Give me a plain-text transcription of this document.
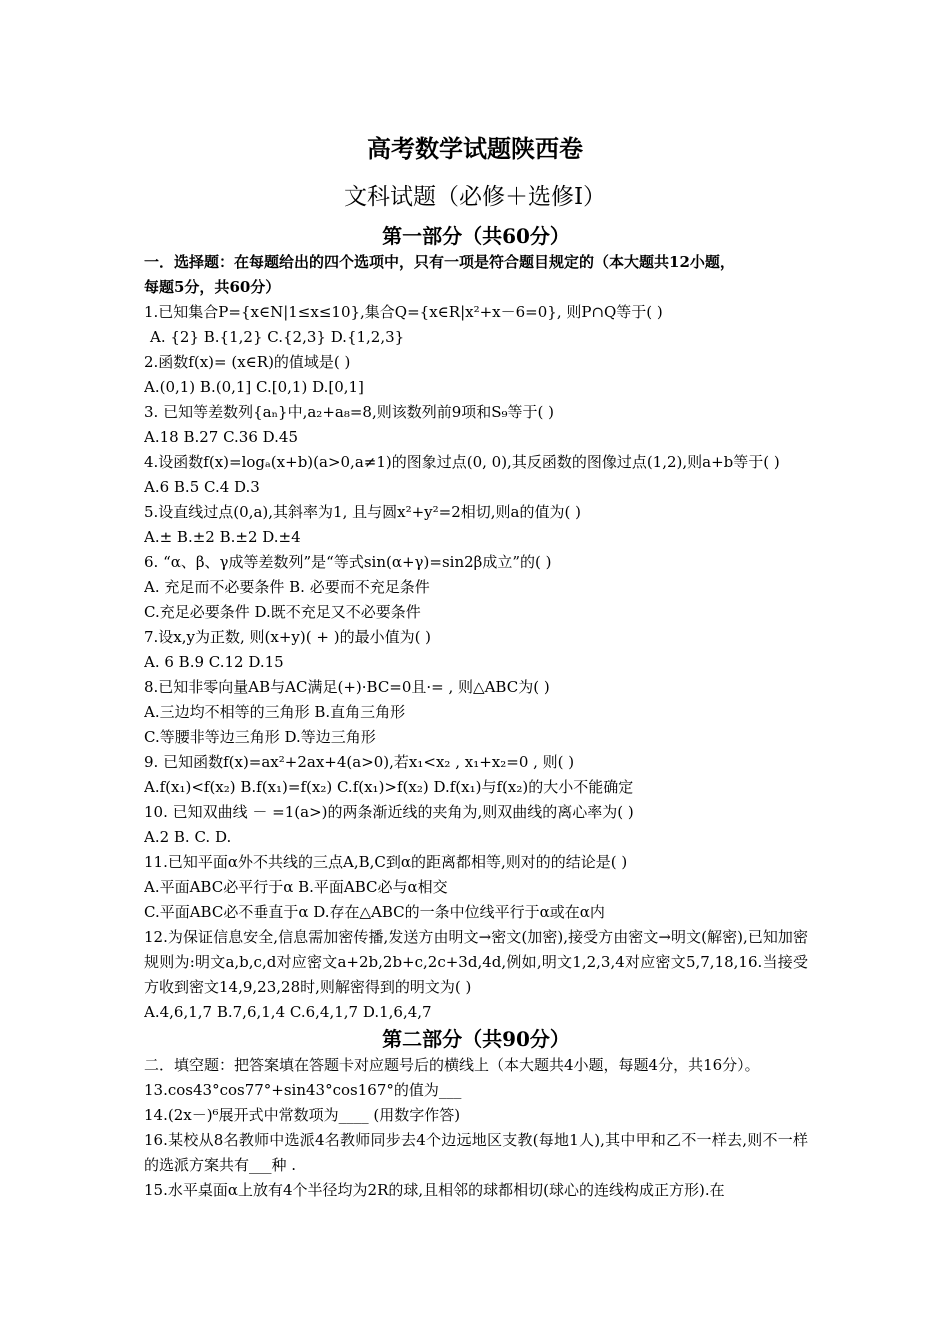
高考数学试题陕西卷
文科试题（必修＋选修Ⅰ）
第一部分（共60分）
一．选择题：在每题给出的四个选项中，只有一项是符合题目规定的（本大题共12小题，
每题5分，共60分）
1.已知集合P={x∈N|1≤x≤10},集合Q={x∈R|x²+x－6=0}, 则P∩Q等于( )
A. {2} B.{1,2} C.{2,3} D.{1,2,3}
2.函数f(x)= (x∈R)的值域是( )
A.(0,1) B.(0,1] C.[0,1) D.[0,1]
3. 已知等差数列{aₙ}中,a₂+a₈=8,则该数列前9项和S₉等于( )
A.18 B.27 C.36 D.45
4.设函数f(x)=logₐ(x+b)(a>0,a≠1)的图象过点(0, 0),其反函数的图像过点(1,2),则a+b等于( )
A.6 B.5 C.4 D.3
5.设直线过点(0,a),其斜率为1, 且与圆x²+y²=2相切,则a的值为( )
A.± B.±2 B.±2 D.±4
6. “α、β、γ成等差数列”是“等式sin(α+γ)=sin2β成立”的( )
A. 充足而不必要条件 B. 必要而不充足条件
C.充足必要条件 D.既不充足又不必要条件
7.设x,y为正数, 则(x+y)( + )的最小值为( )
A. 6 B.9 C.12 D.15
8.已知非零向量AB与AC满足(+)·BC=0且·= , 则△ABC为( )
A.三边均不相等的三角形 B.直角三角形
C.等腰非等边三角形 D.等边三角形
9. 已知函数f(x)=ax²+2ax+4(a>0),若x₁<x₂ , x₁+x₂=0 , 则( )
A.f(x₁)<f(x₂) B.f(x₁)=f(x₂) C.f(x₁)>f(x₂) D.f(x₁)与f(x₂)的大小不能确定
10. 已知双曲线 － =1(a>)的两条渐近线的夹角为,则双曲线的离心率为( )
A.2 B. C. D.
11.已知平面α外不共线的三点A,B,C到α的距离都相等,则对的的结论是( )
A.平面ABC必平行于α B.平面ABC必与α相交
C.平面ABC必不垂直于α D.存在△ABC的一条中位线平行于α或在α内
12.为保证信息安全,信息需加密传播,发送方由明文→密文(加密),接受方由密文→明文(解密),已知加密规则为:明文a,b,c,d对应密文a+2b,2b+c,2c+3d,4d,例如,明文1,2,3,4对应密文5,7,18,16.当接受方收到密文14,9,23,28时,则解密得到的明文为( )
A.4,6,1,7 B.7,6,1,4 C.6,4,1,7 D.1,6,4,7
第二部分（共90分）
二．填空题：把答案填在答题卡对应题号后的横线上（本大题共4小题，每题4分，共16分）。
13.cos43°cos77°+sin43°cos167°的值为___
14.(2x－)⁶展开式中常数项为____ (用数字作答)
16.某校从8名教师中选派4名教师同步去4个边远地区支教(每地1人),其中甲和乙不一样去,则不一样的选派方案共有___种 .
15.水平桌面α上放有4个半径均为2R的球,且相邻的球都相切(球心的连线构成正方形).在
